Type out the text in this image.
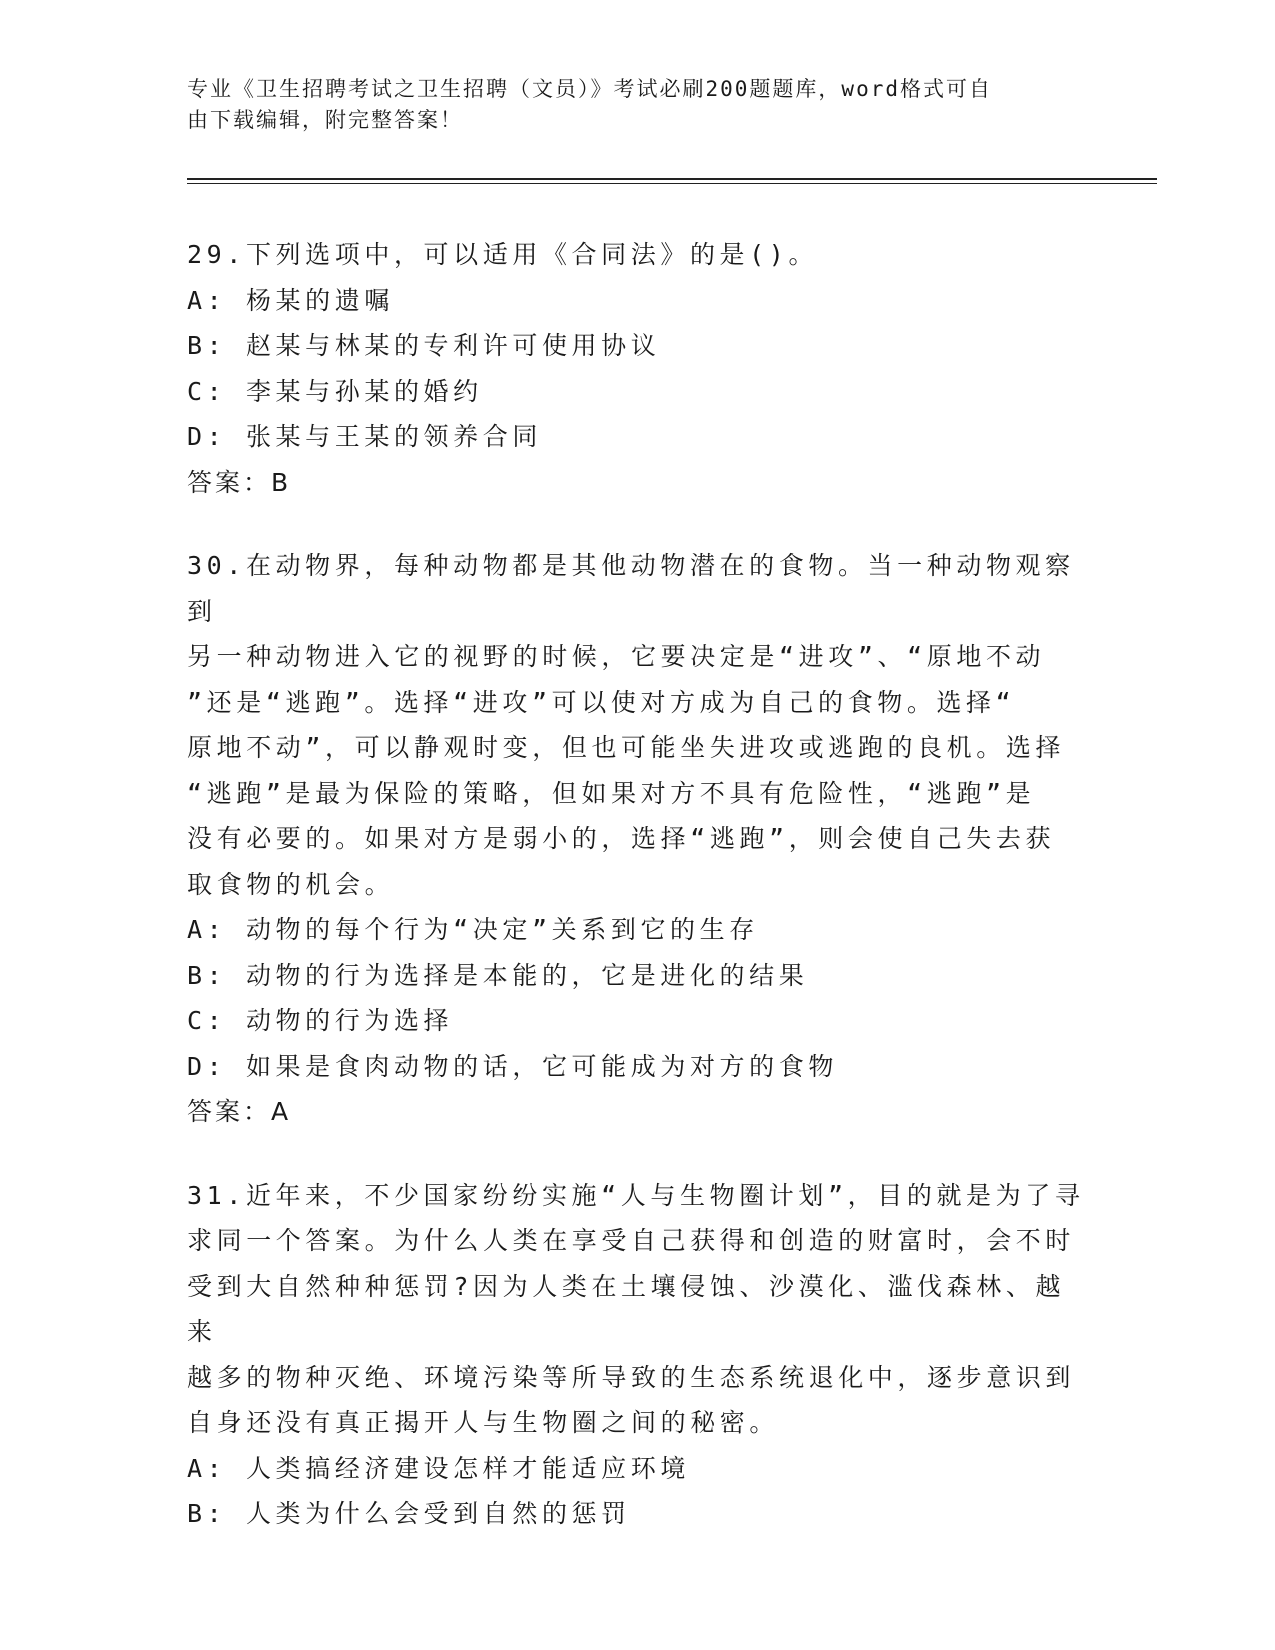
专业《卫生招聘考试之卫生招聘（文员）》考试必刷200题题库，word格式可自
由下载编辑，附完整答案！
29.下列选项中，可以适用《合同法》的是()。
A: 杨某的遗嘱
B: 赵某与林某的专利许可使用协议
C: 李某与孙某的婚约
D: 张某与王某的领养合同
答案：B
30.在动物界，每种动物都是其他动物潜在的食物。当一种动物观察到
另一种动物进入它的视野的时候，它要决定是“进攻”、“原地不动
”还是“逃跑”。选择“进攻”可以使对方成为自己的食物。选择“
原地不动”，可以静观时变，但也可能坐失进攻或逃跑的良机。选择
“逃跑”是最为保险的策略，但如果对方不具有危险性，“逃跑”是
没有必要的。如果对方是弱小的，选择“逃跑”，则会使自己失去获
取食物的机会。
A: 动物的每个行为“决定”关系到它的生存
B: 动物的行为选择是本能的，它是进化的结果
C: 动物的行为选择
D: 如果是食肉动物的话，它可能成为对方的食物
答案：A
31.近年来，不少国家纷纷实施“人与生物圈计划”，目的就是为了寻
求同一个答案。为什么人类在享受自己获得和创造的财富时，会不时
受到大自然种种惩罚?因为人类在土壤侵蚀、沙漠化、滥伐森林、越来
越多的物种灭绝、环境污染等所导致的生态系统退化中，逐步意识到
自身还没有真正揭开人与生物圈之间的秘密。
A: 人类搞经济建设怎样才能适应环境
B: 人类为什么会受到自然的惩罚
